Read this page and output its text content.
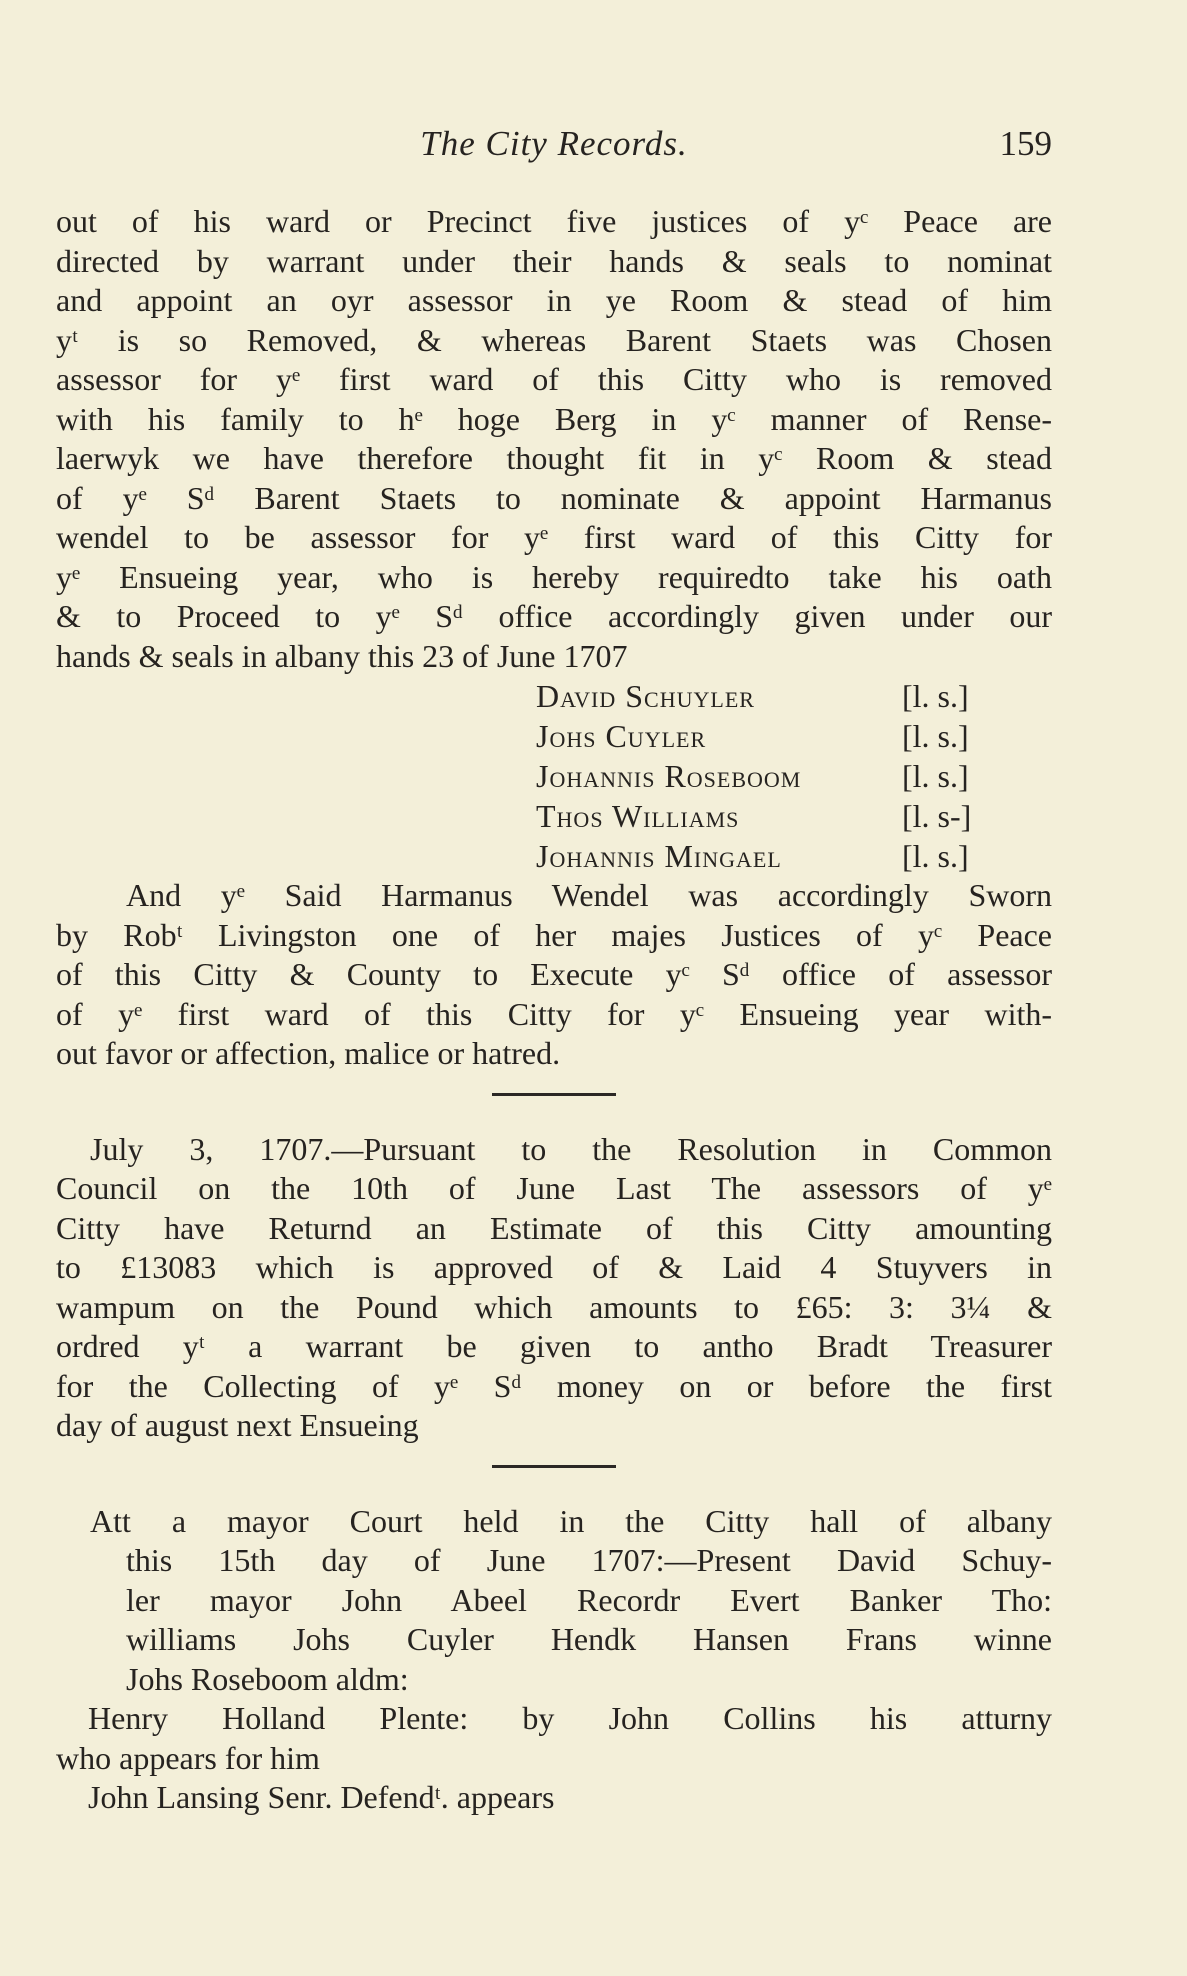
The City Records.	159
out of his ward or Precinct five justices of yᶜ Peace are
directed by warrant under their hands & seals to nominat
and appoint an oyr assessor in ye Room & stead of him
yᵗ is so Removed, & whereas Barent Staets was Chosen
assessor for yᵉ first ward of this Citty who is removed
with his family to hᵉ hoge Berg in yᶜ manner of Rense-
laerwyk we have therefore thought fit in yᶜ Room & stead
of yᵉ Sᵈ Barent Staets to nominate & appoint Harmanus
wendel to be assessor for yᵉ first ward of this Citty for
yᵉ Ensueing year, who is hereby requiredto take his oath
& to Proceed to yᵉ Sᵈ office accordingly given under our
hands & seals in albany this 23 of June 1707
David Schuyler	[l. s.]
Johs Cuyler	[l. s.]
Johannis Roseboom	[l. s.]
Thos Williams	[l. s-]
Johannis Mingael	[l. s.]
And yᵉ Said Harmanus Wendel was accordingly Sworn
by Robᵗ Livingston one of her majes Justices of yᶜ Peace
of this Citty & County to Execute yᶜ Sᵈ office of assessor
of yᵉ first ward of this Citty for yᶜ Ensueing year with-
out favor or affection, malice or hatred.
July 3, 1707.—Pursuant to the Resolution in Common
Council on the 10th of June Last The assessors of yᵉ
Citty have Returnd an Estimate of this Citty amounting
to £13083 which is approved of & Laid 4 Stuyvers in
wampum on the Pound which amounts to £65: 3: 3¼ &
ordred yᵗ a warrant be given to antho Bradt Treasurer
for the Collecting of yᵉ Sᵈ money on or before the first
day of august next Ensueing
Att a mayor Court held in the Citty hall of albany
this 15th day of June 1707:—Present David Schuy-
ler mayor John Abeel Recordr Evert Banker Tho:
williams Johs Cuyler Hendk Hansen Frans winne
Johs Roseboom aldm:
Henry Holland Plente: by John Collins his atturny
who appears for him
John Lansing Senr. Defendᵗ. appears
